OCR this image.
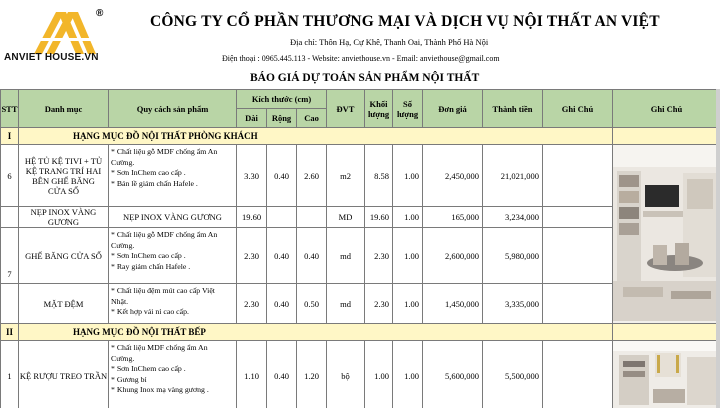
®
ANVIET HOUSE.VN
CÔNG TY CỔ PHẦN THƯƠNG MẠI VÀ DỊCH VỤ NỘI THẤT AN VIỆT
Địa chỉ: Thôn Hạ, Cự Khê, Thanh Oai, Thành Phố Hà Nội
Điện thoại : 0965.445.113 - Website: anviethouse.vn - Email: anviethouse@gmail.com
BÁO GIÁ DỰ TOÁN SẢN PHẨM NỘI THẤT
STT	Danh mục	Quy cách sản phẩm	Kích thước (cm)			ĐVT	Khối lượng	Số lượng	Đơn giá	Thành tiền	Ghi Chú	Ghi Chú
			Dài	Rộng	Cao							
I	HẠNG MỤC ĐỒ NỘI THẤT PHÒNG KHÁCH											
6	HỆ TỦ KỆ TIVI + TỦ KỆ TRANG TRÍ HAI BÊN GHẾ BĂNG CỬA SỔ	* Chất liệu gỗ MDF chống ẩm An
Cường.
* Sơn InChem cao cấp .
* Bản lề giảm chấn Hafele .	3.30	0.40	2.60	m2	8.58	1.00	2,450,000	21,021,000		

	NẸP INOX VÀNG GƯƠNG	NẸP INOX VÀNG GƯƠNG	19.60			MD	19.60	1.00	165,000	3,234,000		
7	GHẾ BĂNG CỬA SỔ	* Chất liệu gỗ MDF chống ẩm An
Cường.
* Sơn InChem cao cấp .
* Ray giảm chấn Hafele .	2.30	0.40	0.40	md	2.30	1.00	2,600,000	5,980,000		
	MẶT ĐỆM	* Chất liệu đệm mút cao cấp Việt
Nhật.
* Kết hợp vải nỉ cao cấp.	2.30	0.40	0.50	md	2.30	1.00	1,450,000	3,335,000		
II	HẠNG MỤC ĐỒ NỘI THẤT BẾP											
1	KỆ RƯỢU TREO TRẦN	* Chất liệu MDF chống ẩm An
Cường.
* Sơn InChem cao cấp .
* Gương bỉ
* Khung Inox mạ vàng gương .	1.10	0.40	1.20	bộ	1.00	1.00	5,600,000	5,500,000		
